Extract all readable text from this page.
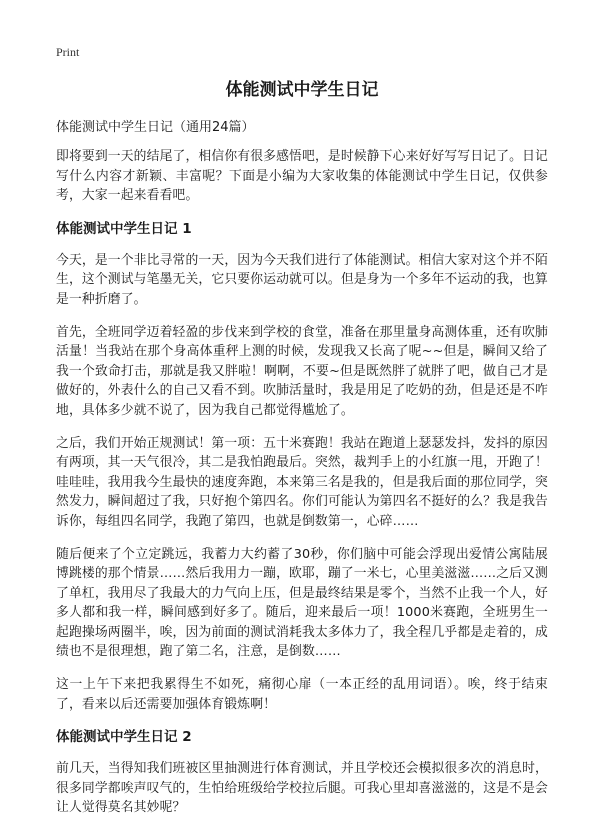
Print
体能测试中学生日记
体能测试中学生日记（通用24篇）

即将要到一天的结尾了，相信你有很多感悟吧，是时候静下心来好好写写日记了。日记写什么内容才新颖、丰富呢？下面是小编为大家收集的体能测试中学生日记，仅供参考，大家一起来看看吧。

体能测试中学生日记 1

今天，是一个非比寻常的一天，因为今天我们进行了体能测试。相信大家对这个并不陌生，这个测试与笔墨无关，它只要你运动就可以。但是身为一个多年不运动的我，也算是一种折磨了。

首先，全班同学迈着轻盈的步伐来到学校的食堂，准备在那里量身高测体重，还有吹肺活量！当我站在那个身高体重秤上测的时候，发现我又长高了呢~~但是，瞬间又给了我一个致命打击，那就是我又胖啦！啊啊，不要~但是既然胖了就胖了吧，做自己才是做好的，外表什么的自己又看不到。吹肺活量时，我是用足了吃奶的劲，但是还是不咋地，具体多少就不说了，因为我自己都觉得尴尬了。

之后，我们开始正规测试！第一项：五十米赛跑！我站在跑道上瑟瑟发抖，发抖的原因有两项，其一天气很冷，其二是我怕跑最后。突然，裁判手上的小红旗一甩，开跑了！哇哇哇，我用我今生最快的速度奔跑，本来第三名是我的，但是我后面的那位同学，突然发力，瞬间超过了我，只好抱个第四名。你们可能认为第四名不挺好的么？我是我告诉你，每组四名同学，我跑了第四，也就是倒数第一，心碎……

随后便来了个立定跳远，我蓄力大约蓄了30秒，你们脑中可能会浮现出爱情公寓陆展博跳楼的那个情景……然后我用力一蹦，欧耶，蹦了一米七，心里美滋滋……之后又测了单杠，我用尽了我最大的力气向上压，但是最终结果是零个，当然不止我一个人，好多人都和我一样，瞬间感到好多了。随后，迎来最后一项！1000米赛跑，全班男生一起跑操场两圈半，唉，因为前面的测试消耗我太多体力了，我全程几乎都是走着的，成绩也不是很理想，跑了第二名，注意，是倒数……

这一上午下来把我累得生不如死，痛彻心扉（一本正经的乱用词语）。唉，终于结束了，看来以后还需要加强体育锻炼啊！

体能测试中学生日记 2

前几天，当得知我们班被区里抽测进行体育测试，并且学校还会模拟很多次的消息时，很多同学都唉声叹气的，生怕给班级给学校拉后腿。可我心里却喜滋滋的，这是不是会让人觉得莫名其妙呢？
